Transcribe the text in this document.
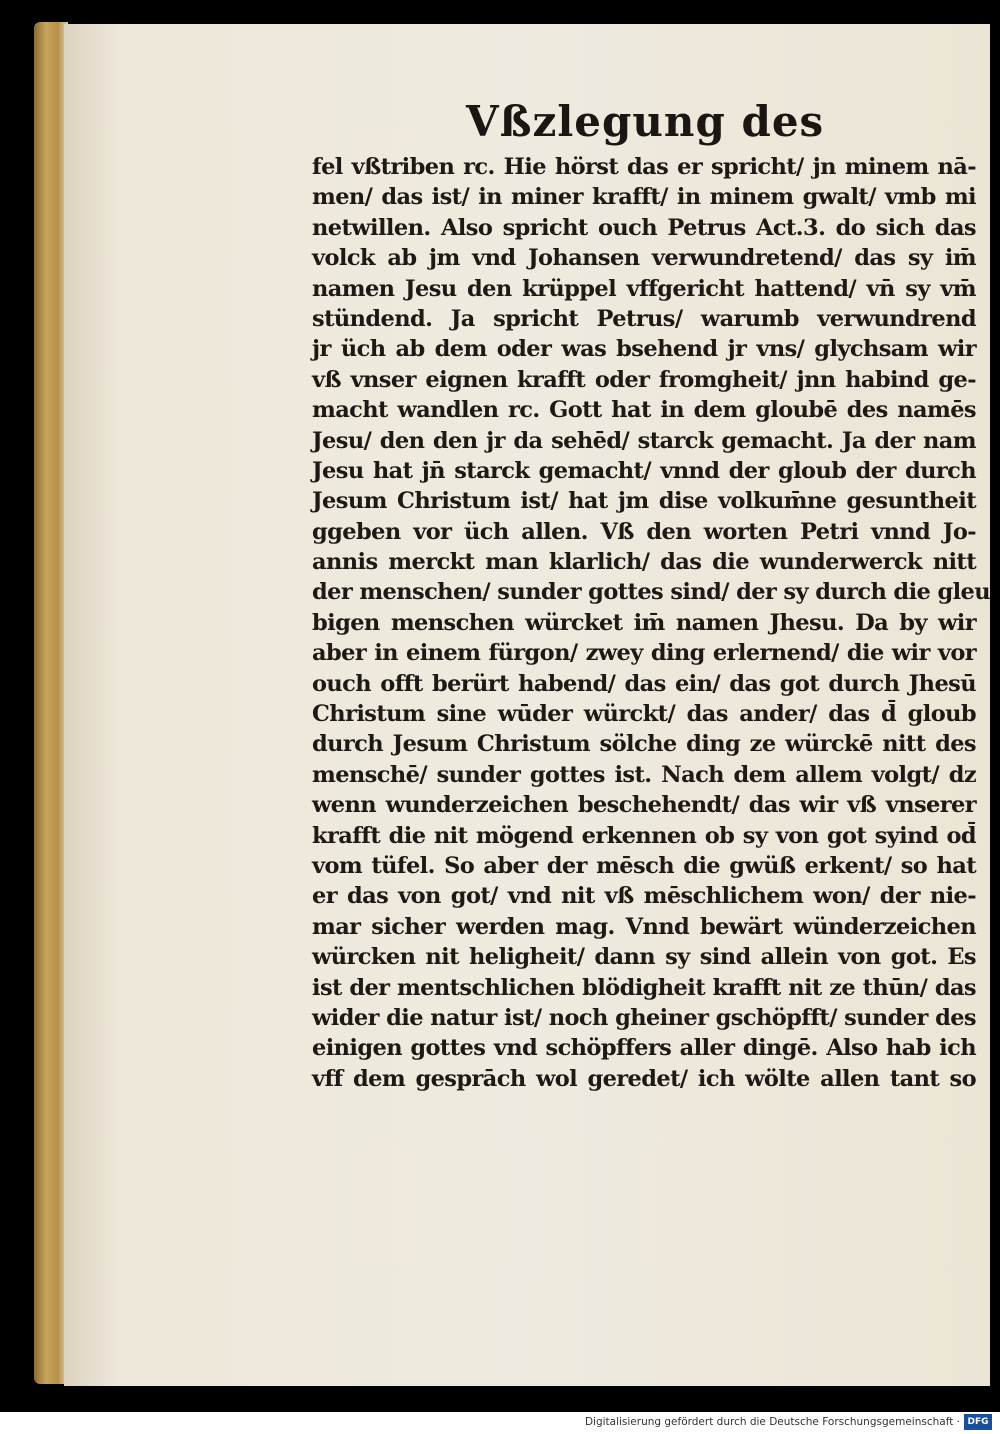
Vßzlegung des
fel vßtriben rc. Hie hörst das er spricht/ jn minem nā-
men/ das ist/ in miner krafft/ in minem gwalt/ vmb mi
netwillen. Also spricht ouch Petrus Act.3. do sich das
volck ab jm vnd Johansen verwundretend/ das sy im̄
namen Jesu den krüppel vffgericht hattend/ vn̄ sy vm̄
stündend. Ja spricht Petrus/ warumb verwundrend
jr üch ab dem oder was bsehend jr vns/ glychsam wir
vß vnser eignen krafft oder fromgheit/ jnn habind ge-
macht wandlen rc. Gott hat in dem gloubē des namēs
Jesu/ den den jr da sehēd/ starck gemacht. Ja der nam
Jesu hat jn̄ starck gemacht/ vnnd der gloub der durch
Jesum Christum ist/ hat jm dise volkum̄ne gesuntheit
ggeben vor üch allen. Vß den worten Petri vnnd Jo-
annis merckt man klarlich/ das die wunderwerck nitt
der menschen/ sunder gottes sind/ der sy durch die gleu
bigen menschen würcket im̄ namen Jhesu. Da by wir
aber in einem fürgon/ zwey ding erlernend/ die wir vor
ouch offt berürt habend/ das ein/ das got durch Jhesū
Christum sine wūder würckt/ das ander/ das d̄ gloub
durch Jesum Christum sölche ding ze würckē nitt des
menschē/ sunder gottes ist. Nach dem allem volgt/ dz
wenn wunderzeichen beschehendt/ das wir vß vnserer
krafft die nit mögend erkennen ob sy von got syind od̄
vom tüfel. So aber der mēsch die gwüß erkent/ so hat
er das von got/ vnd nit vß mēschlichem won/ der nie-
mar sicher werden mag. Vnnd bewärt wünderzeichen
würcken nit heligheit/ dann sy sind allein von got. Es
ist der mentschlichen blödigheit krafft nit ze thūn/ das
wider die natur ist/ noch gheiner gschöpfft/ sunder des
einigen gottes vnd schöpffers aller dingē. Also hab ich
vff dem gesprāch wol geredet/ ich wölte allen tant so
Digitalisierung gefördert durch die Deutsche Forschungsgemeinschaft · DFG
